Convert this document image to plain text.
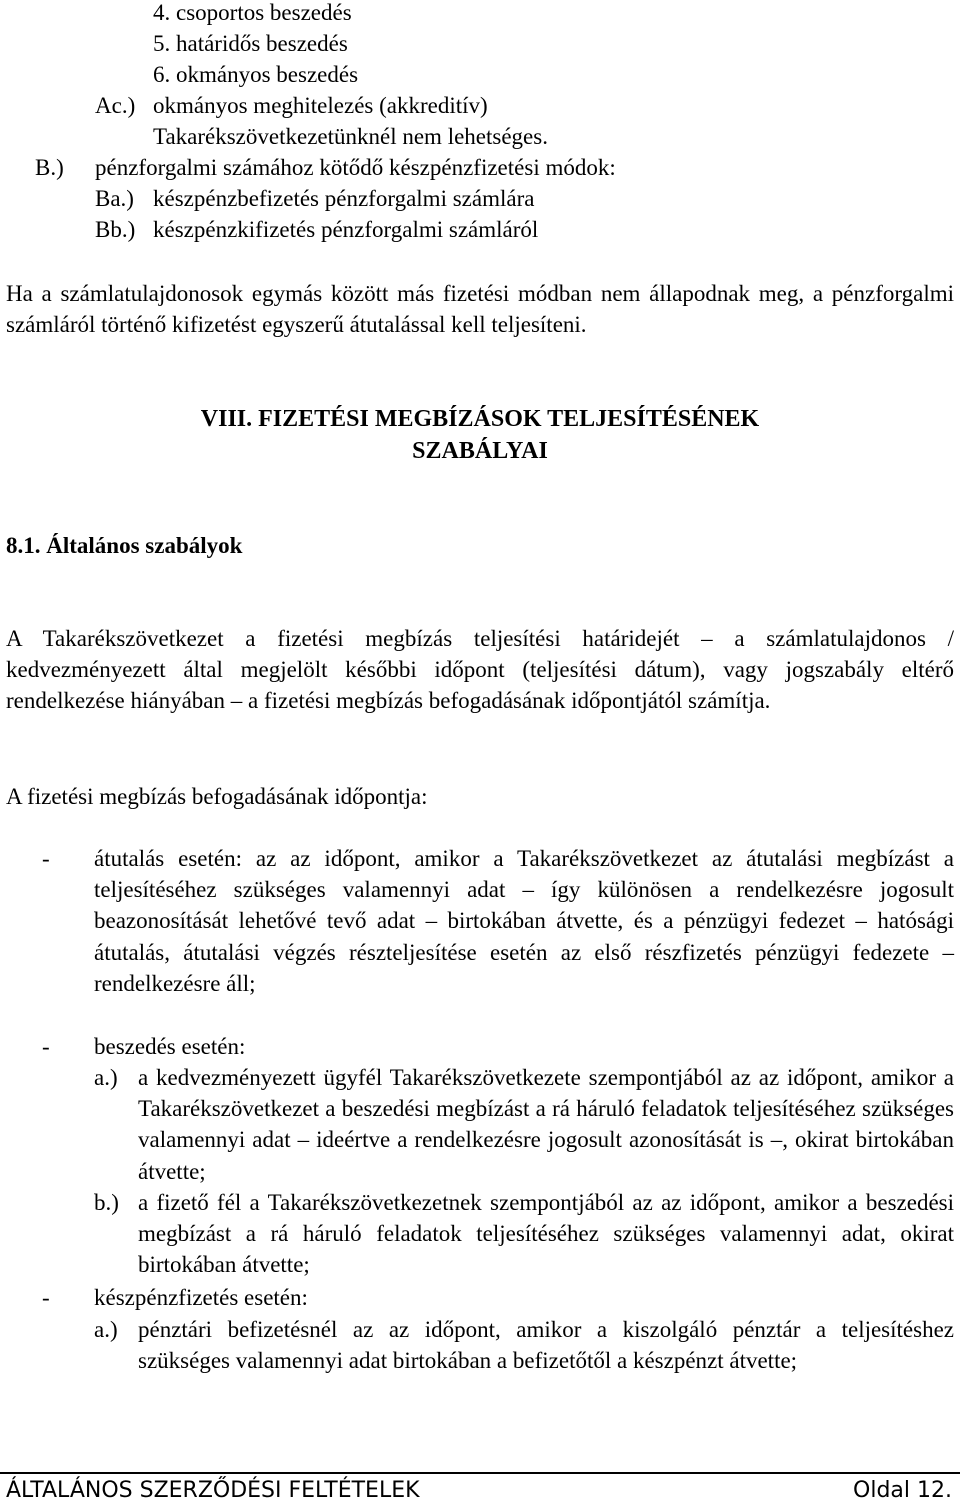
4. csoportos beszedés

5. határidős beszedés

6. okmányos beszedés

Ac.) okmányos meghitelezés (akkreditív)

Takarékszövetkezetünknél nem lehetséges.

B.) pénzforgalmi számához kötődő készpénzfizetési módok:

Ba.) készpénzbefizetés pénzforgalmi számlára

Bb.) készpénzkifizetés pénzforgalmi számláról

Ha a számlatulajdonosok egymás között más fizetési módban nem állapodnak meg, a pénzforgalmi számláról történő kifizetést egyszerű átutalással kell teljesíteni.

VIII. FIZETÉSI MEGBÍZÁSOK TELJESÍTÉSÉNEK

SZABÁLYAI

8.1. Általános szabályok

A Takarékszövetkezet a fizetési megbízás teljesítési határidejét – a számlatulajdonos / kedvezményezett által megjelölt későbbi időpont (teljesítési dátum), vagy jogszabály eltérő rendelkezése hiányában – a fizetési megbízás befogadásának időpontjától számítja.

A fizetési megbízás befogadásának időpontja:

- átutalás esetén: az az időpont, amikor a Takarékszövetkezet az átutalási megbízást a teljesítéséhez szükséges valamennyi adat – így különösen a rendelkezésre jogosult beazonosítását lehetővé tevő adat – birtokában átvette, és a pénzügyi fedezet – hatósági átutalás, átutalási végzés részteljesítése esetén az első részfizetés pénzügyi fedezete – rendelkezésre áll;

- beszedés esetén:

a.) a kedvezményezett ügyfél Takarékszövetkezete szempontjából az az időpont, amikor a Takarékszövetkezet a beszedési megbízást a rá háruló feladatok teljesítéséhez szükséges valamennyi adat – ideértve a rendelkezésre jogosult azonosítását is –, okirat birtokában átvette;

b.) a fizető fél a Takarékszövetkezetnek szempontjából az az időpont, amikor a beszedési megbízást a rá háruló feladatok teljesítéséhez szükséges valamennyi adat, okirat birtokában átvette;

- készpénzfizetés esetén:

a.) pénztári befizetésnél az az időpont, amikor a kiszolgáló pénztár a teljesítéshez szükséges valamennyi adat birtokában a befizetőtől a készpénzt átvette;

ÁLTALÁNOS SZERZŐDÉSI FELTÉTELEK	Oldal 12.
